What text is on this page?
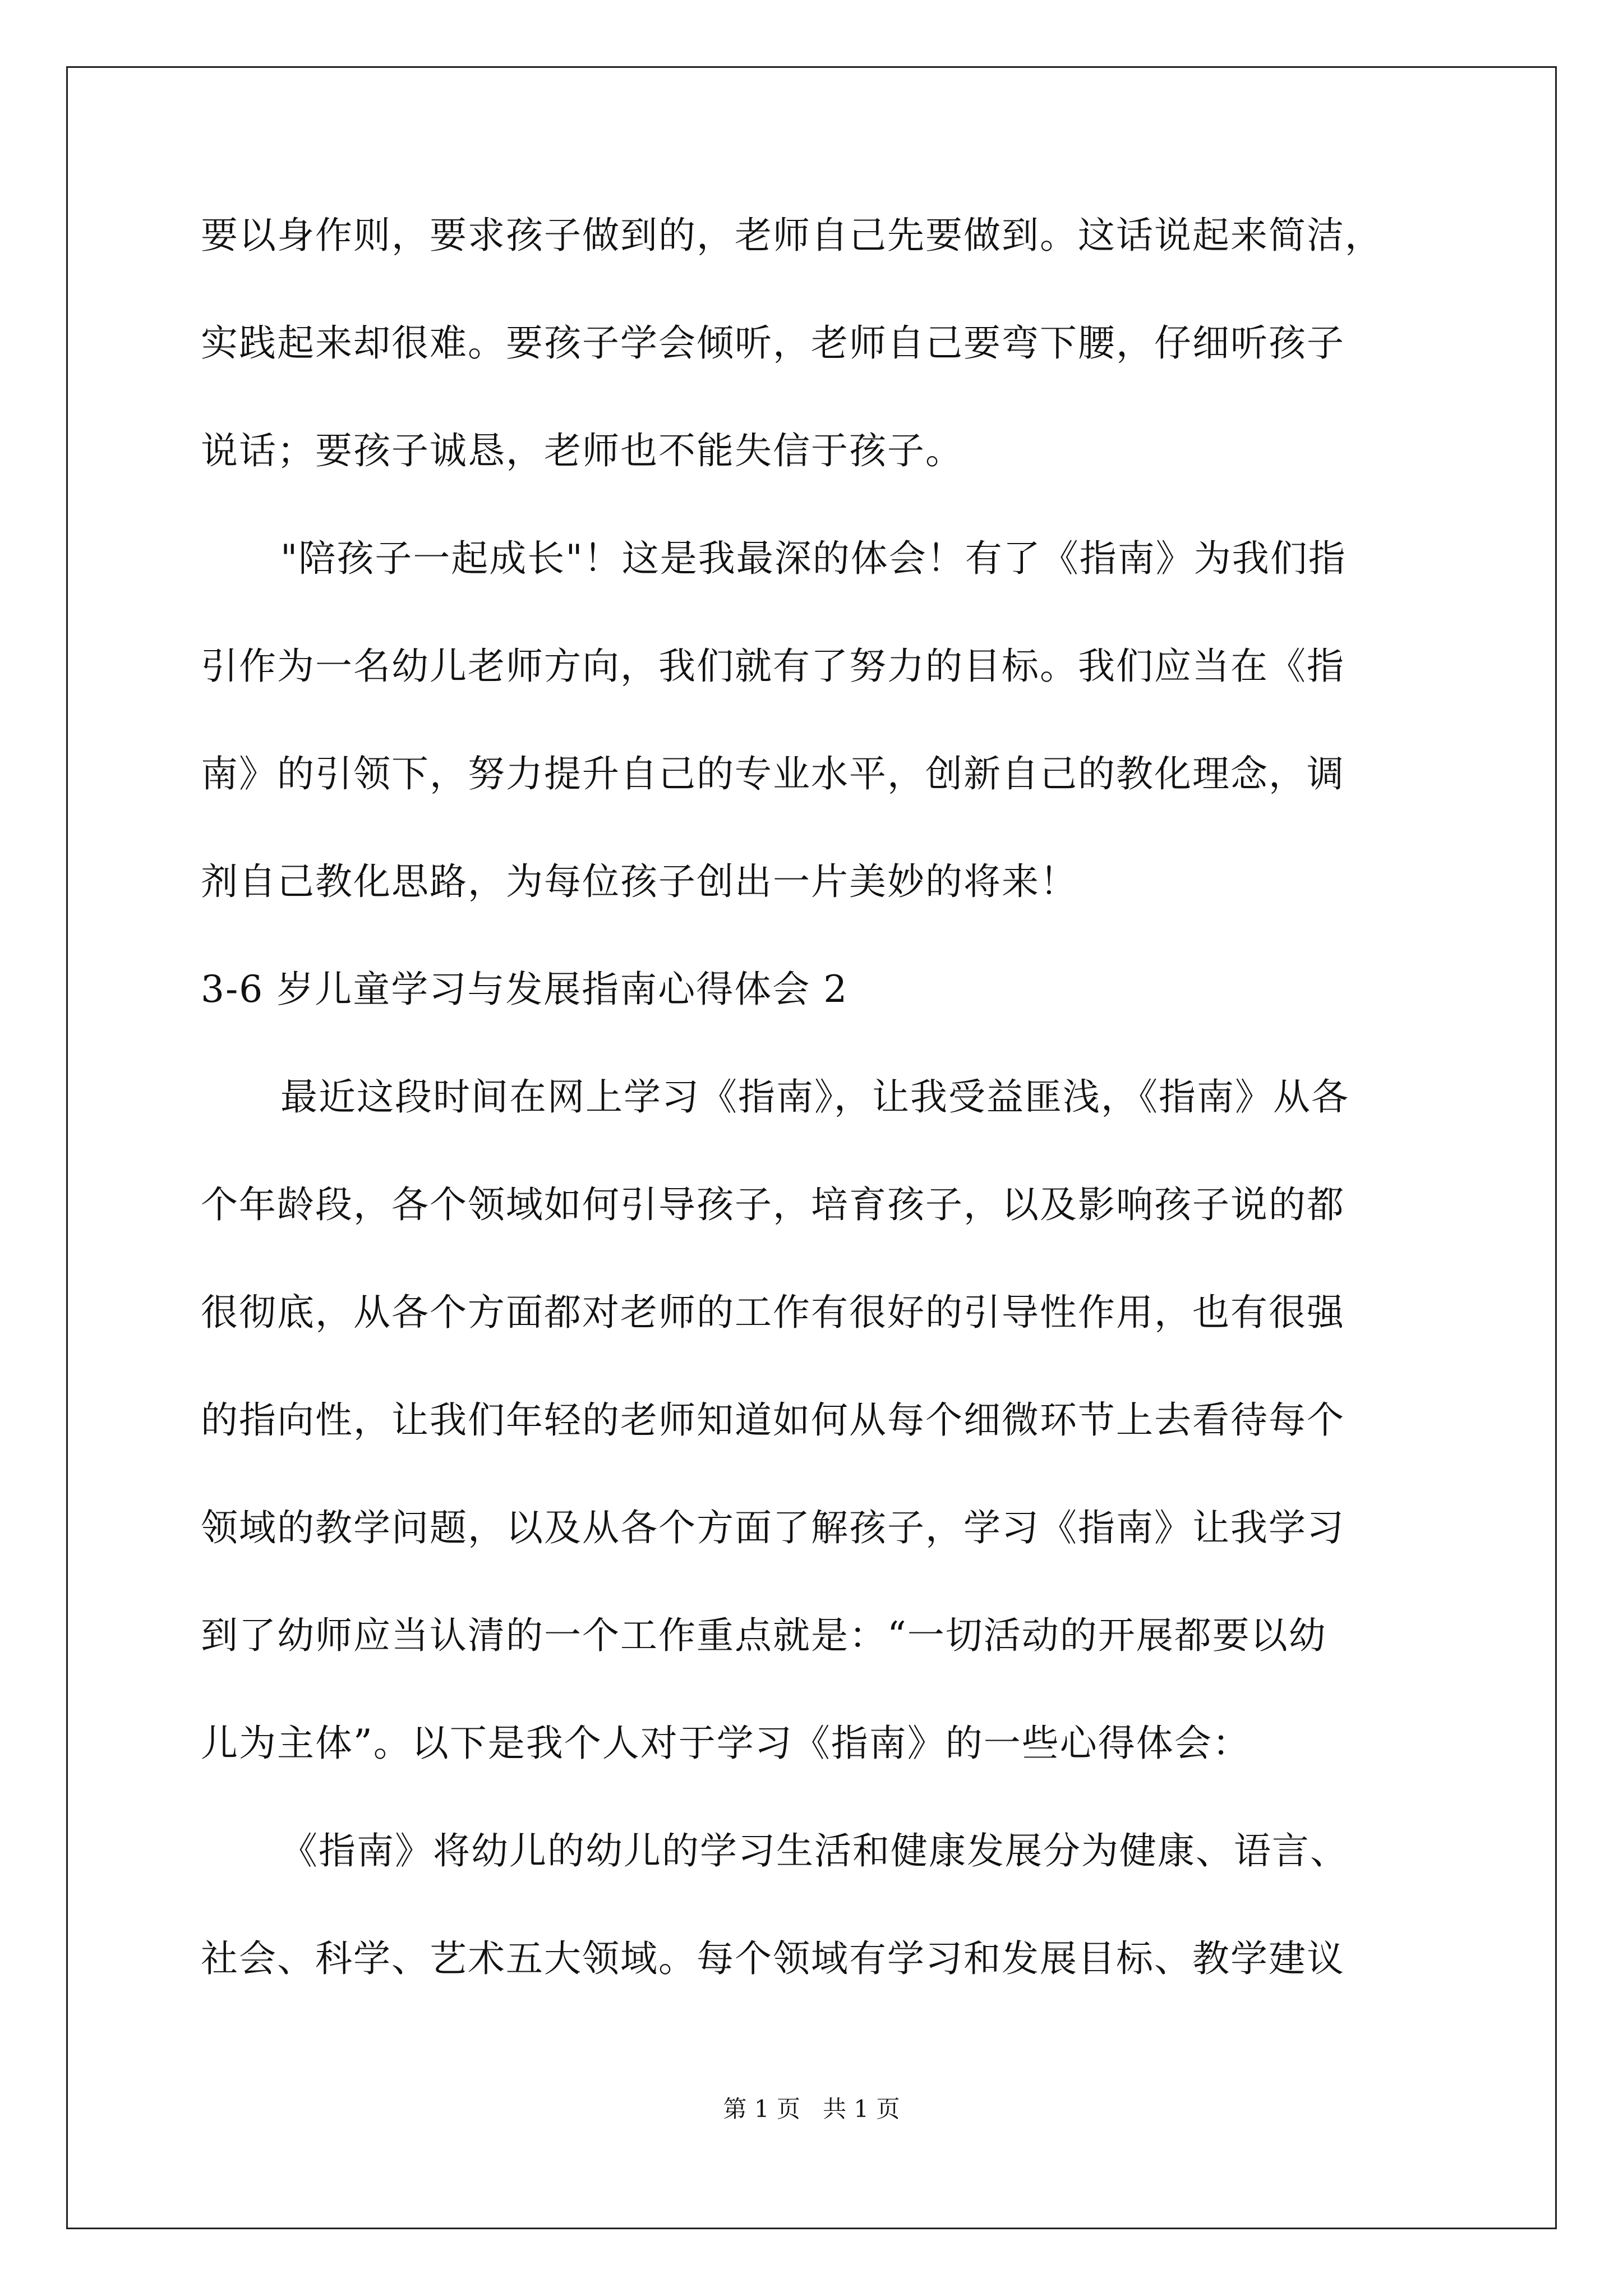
要以身作则，要求孩子做到的，老师自己先要做到。这话说起来简洁，
实践起来却很难。要孩子学会倾听，老师自己要弯下腰，仔细听孩子
说话；要孩子诚恳，老师也不能失信于孩子。
"陪孩子一起成长"！这是我最深的体会！有了《指南》为我们指
引作为一名幼儿老师方向，我们就有了努力的目标。我们应当在《指
南》的引领下，努力提升自己的专业水平，创新自己的教化理念，调
剂自己教化思路，为每位孩子创出一片美妙的将来！
3-6 岁儿童学习与发展指南心得体会 2
最近这段时间在网上学习《指南》，让我受益匪浅，《指南》从各
个年龄段，各个领域如何引导孩子，培育孩子，以及影响孩子说的都
很彻底，从各个方面都对老师的工作有很好的引导性作用，也有很强
的指向性，让我们年轻的老师知道如何从每个细微环节上去看待每个
领域的教学问题，以及从各个方面了解孩子，学习《指南》让我学习
到了幼师应当认清的一个工作重点就是：“一切活动的开展都要以幼
儿为主体”。以下是我个人对于学习《指南》的一些心得体会：
《指南》将幼儿的幼儿的学习生活和健康发展分为健康、语言、
社会、科学、艺术五大领域。每个领域有学习和发展目标、教学建议
第 1 页   共 1 页
